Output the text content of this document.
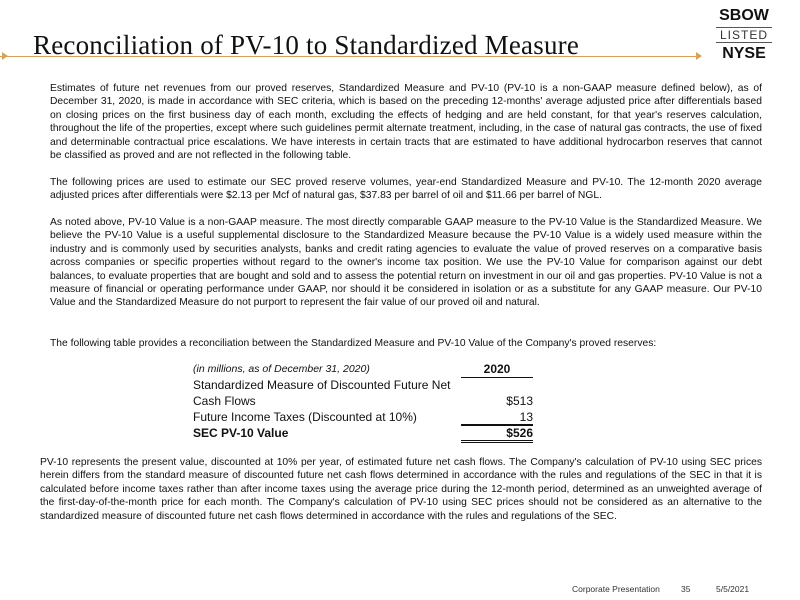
Reconciliation of PV-10 to Standardized Measure
SBOW
LISTED
NYSE

Estimates of future net revenues from our proved reserves, Standardized Measure and PV-10 (PV-10 is a non-GAAP measure defined below), as of December 31, 2020, is made in accordance with SEC criteria, which is based on the preceding 12-months' average adjusted price after differentials based on closing prices on the first business day of each month, excluding the effects of hedging and are held constant, for that year's reserves calculation, throughout the life of the properties, except where such guidelines permit alternate treatment, including, in the case of natural gas contracts, the use of fixed and determinable contractual price escalations. We have interests in certain tracts that are estimated to have additional hydrocarbon reserves that cannot be classified as proved and are not reflected in the following table.

The following prices are used to estimate our SEC proved reserve volumes, year-end Standardized Measure and PV-10. The 12-month 2020 average adjusted prices after differentials were $2.13 per Mcf of natural gas, $37.83 per barrel of oil and $11.66 per barrel of NGL.

As noted above, PV-10 Value is a non-GAAP measure. The most directly comparable GAAP measure to the PV-10 Value is the Standardized Measure. We believe the PV-10 Value is a useful supplemental disclosure to the Standardized Measure because the PV-10 Value is a widely used measure within the industry and is commonly used by securities analysts, banks and credit rating agencies to evaluate the value of proved reserves on a comparative basis across companies or specific properties without regard to the owner's income tax position. We use the PV-10 Value for comparison against our debt balances, to evaluate properties that are bought and sold and to assess the potential return on investment in our oil and gas properties. PV-10 Value is not a measure of financial or operating performance under GAAP, nor should it be considered in isolation or as a substitute for any GAAP measure. Our PV-10 Value and the Standardized Measure do not purport to represent the fair value of our proved oil and natural.

The following table provides a reconciliation between the Standardized Measure and PV-10 Value of the Company's proved reserves:

(in millions, as of December 31, 2020)	2020
Standardized Measure of Discounted Future Net
Cash Flows	$513
Future Income Taxes (Discounted at 10%)	13
SEC PV-10 Value	$526

PV-10 represents the present value, discounted at 10% per year, of estimated future net cash flows. The Company's calculation of PV-10 using SEC prices herein differs from the standard measure of discounted future net cash flows determined in accordance with the rules and regulations of the SEC in that it is calculated before income taxes rather than after income taxes using the average price during the 12-month period, determined as an unweighted average of the first-day-of-the-month price for each month. The Company's calculation of PV-10 using SEC prices should not be considered as an alternative to the standardized measure of discounted future net cash flows determined in accordance with the rules and regulations of the SEC.

Corporate Presentation 35	5/5/2021
